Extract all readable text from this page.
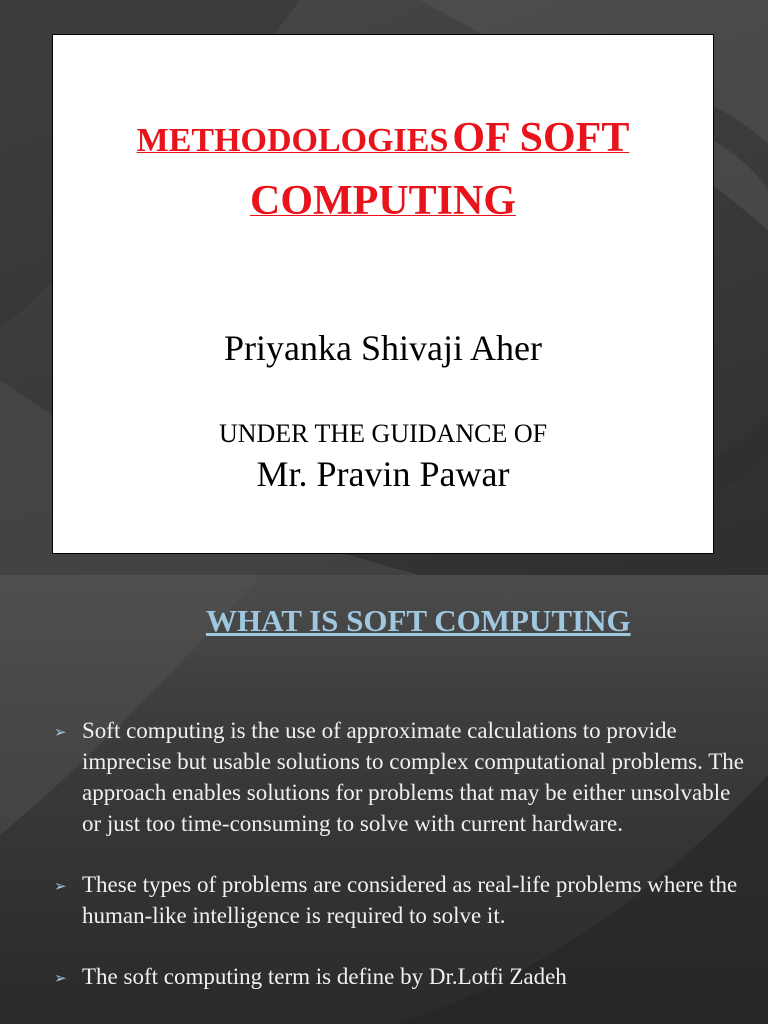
METHODOLOGIES OF SOFT
COMPUTING
Priyanka Shivaji Aher
UNDER THE GUIDANCE OF
Mr. Pravin Pawar
WHAT IS SOFT COMPUTING
➢ Soft computing is the use of approximate calculations to provide imprecise but usable solutions to complex computational problems. The approach enables solutions for problems that may be either unsolvable or just too time-consuming to solve with current hardware.
➢ These types of problems are considered as real-life problems where the human-like intelligence is required to solve it.
➢ The soft computing term is define by Dr.Lotfi Zadeh
